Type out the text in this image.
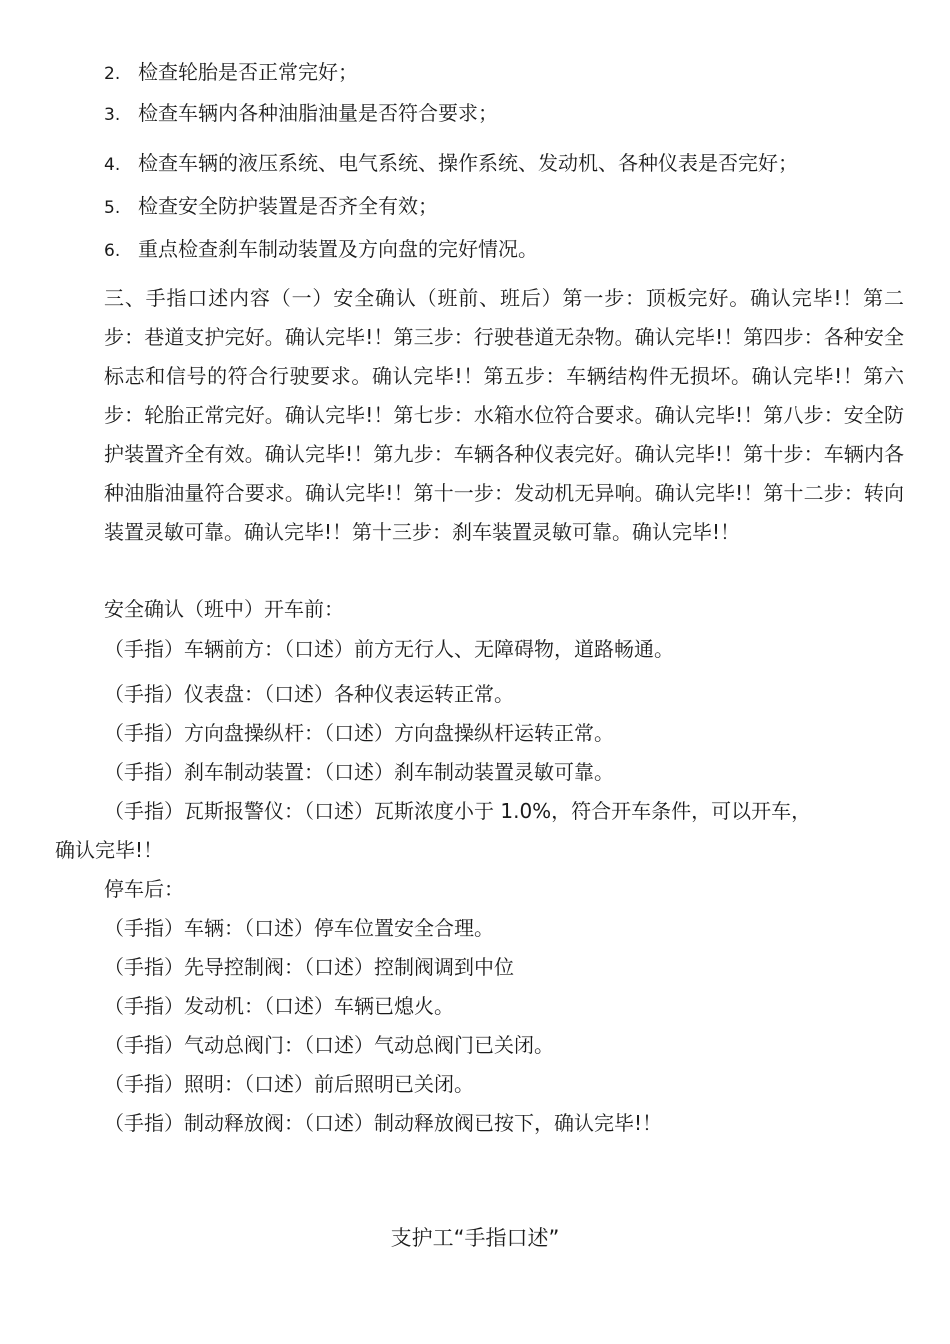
2. 检查轮胎是否正常完好；
3. 检查车辆内各种油脂油量是否符合要求；
4. 检查车辆的液压系统、电气系统、操作系统、发动机、各种仪表是否完好；
5. 检查安全防护装置是否齐全有效；
6. 重点检查刹车制动装置及方向盘的完好情况。
三、手指口述内容（一）安全确认（班前、班后）第一步：顶板完好。确认完毕!！第二步：巷道支护完好。确认完毕!！第三步：行驶巷道无杂物。确认完毕!！第四步：各种安全标志和信号的符合行驶要求。确认完毕!！第五步：车辆结构件无损坏。确认完毕!！第六步：轮胎正常完好。确认完毕!！第七步：水箱水位符合要求。确认完毕!！第八步：安全防护装置齐全有效。确认完毕!！第九步：车辆各种仪表完好。确认完毕!！第十步：车辆内各种油脂油量符合要求。确认完毕!！第十一步：发动机无异响。确认完毕!！第十二步：转向装置灵敏可靠。确认完毕!！第十三步：刹车装置灵敏可靠。确认完毕!！
安全确认（班中）开车前：
（手指）车辆前方：（口述）前方无行人、无障碍物，道路畅通。
（手指）仪表盘：（口述）各种仪表运转正常。
（手指）方向盘操纵杆：（口述）方向盘操纵杆运转正常。
（手指）刹车制动装置：（口述）刹车制动装置灵敏可靠。
（手指）瓦斯报警仪：（口述）瓦斯浓度小于 1.0%，符合开车条件，可以开车，
确认完毕!！
停车后：
（手指）车辆：（口述）停车位置安全合理。
（手指）先导控制阀：（口述）控制阀调到中位
（手指）发动机：（口述）车辆已熄火。
（手指）气动总阀门：（口述）气动总阀门已关闭。
（手指）照明：（口述）前后照明已关闭。
（手指）制动释放阀：（口述）制动释放阀已按下，确认完毕!！
支护工“手指口述”
